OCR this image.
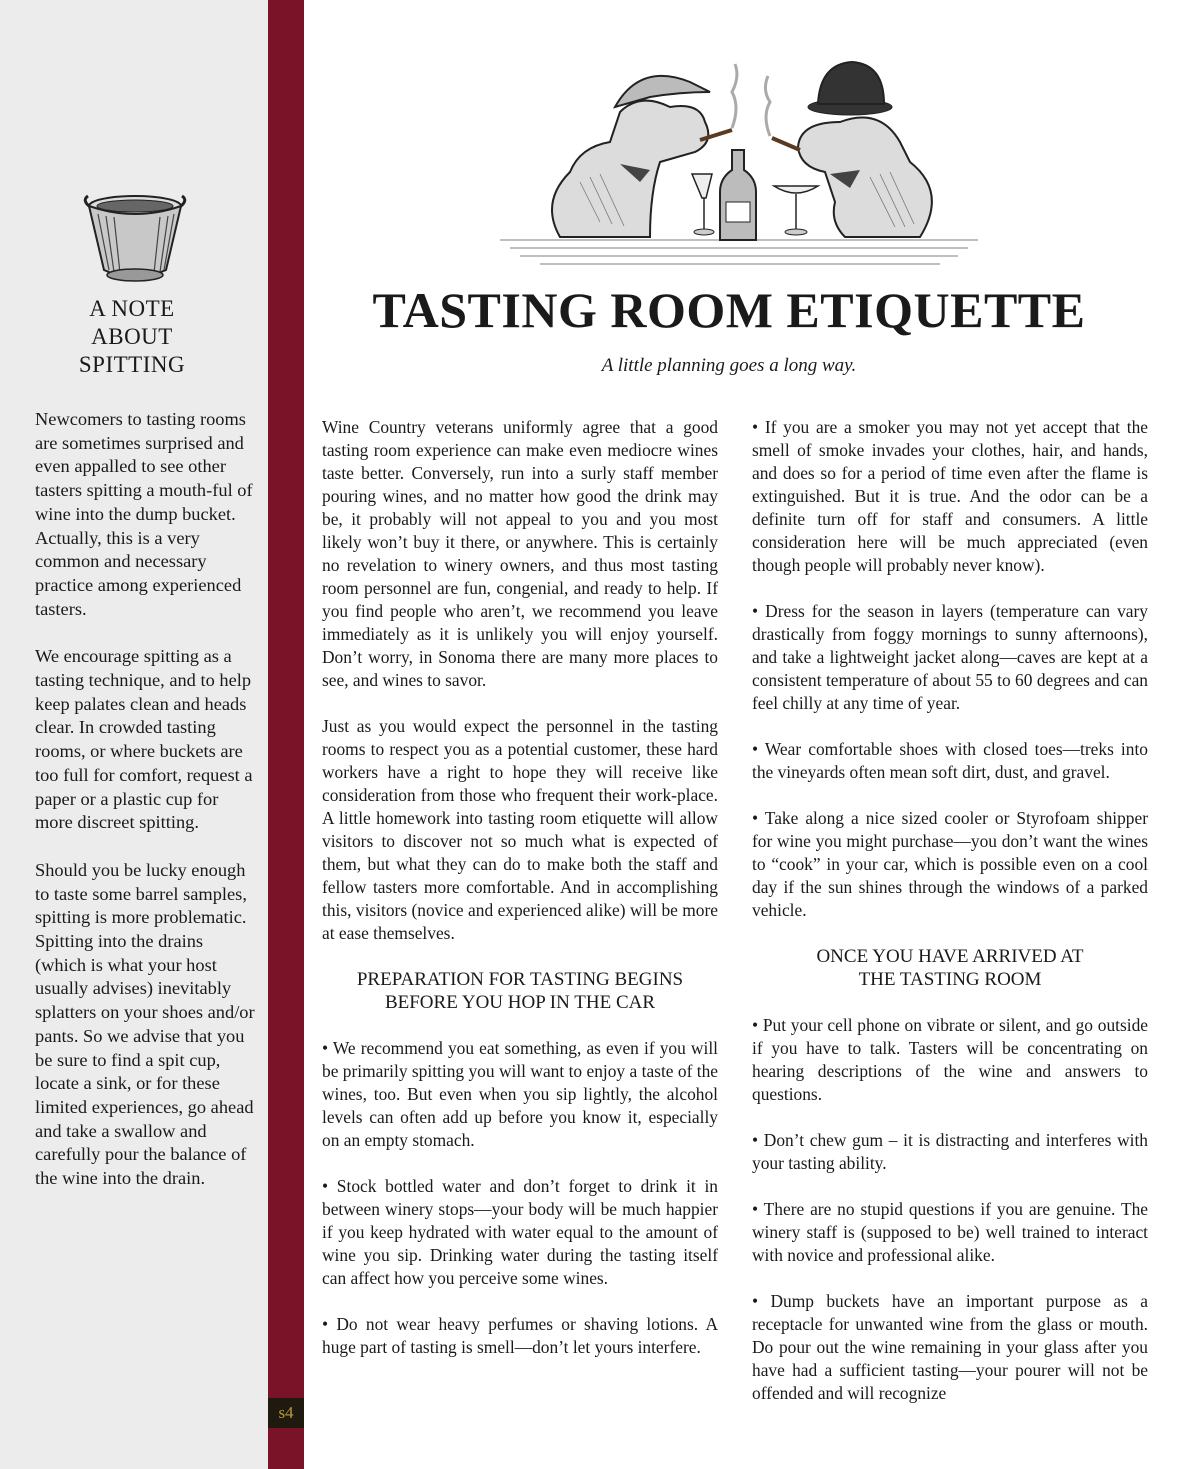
A NOTE
ABOUT
SPITTING

Newcomers to tasting rooms are sometimes surprised and even appalled to see other tasters spitting a mouth-ful of wine into the dump bucket. Actually, this is a very common and necessary practice among experienced tasters.

We encourage spitting as a tasting technique, and to help keep palates clean and heads clear. In crowded tasting rooms, or where buckets are too full for comfort, request a paper or a plastic cup for more discreet spitting.

Should you be lucky enough to taste some barrel samples, spitting is more problematic. Spitting into the drains (which is what your host usually advises) inevitably splatters on your shoes and/or pants. So we advise that you be sure to find a spit cup, locate a sink, or for these limited experiences, go ahead and take a swallow and carefully pour the balance of the wine into the drain.

s4
TASTING ROOM ETIQUETTE
A little planning goes a long way.

Wine Country veterans uniformly agree that a good tasting room experience can make even mediocre wines taste better. Conversely, run into a surly staff member pouring wines, and no matter how good the drink may be, it probably will not appeal to you and you most likely won’t buy it there, or anywhere. This is certainly no revelation to winery owners, and thus most tasting room personnel are fun, congenial, and ready to help. If you find people who aren’t, we recommend you leave immediately as it is unlikely you will enjoy yourself. Don’t worry, in Sonoma there are many more places to see, and wines to savor.

Just as you would expect the personnel in the tasting rooms to respect you as a potential customer, these hard workers have a right to hope they will receive like consideration from those who frequent their work-place. A little homework into tasting room etiquette will allow visitors to discover not so much what is expected of them, but what they can do to make both the staff and fellow tasters more comfortable. And in accomplishing this, visitors (novice and experienced alike) will be more at ease themselves.

PREPARATION FOR TASTING BEGINS
BEFORE YOU HOP IN THE CAR

• We recommend you eat something, as even if you will be primarily spitting you will want to enjoy a taste of the wines, too. But even when you sip lightly, the alcohol levels can often add up before you know it, especially on an empty stomach.

• Stock bottled water and don’t forget to drink it in between winery stops—your body will be much happier if you keep hydrated with water equal to the amount of wine you sip. Drinking water during the tasting itself can affect how you perceive some wines.

• Do not wear heavy perfumes or shaving lotions. A huge part of tasting is smell—don’t let yours interfere.

• If you are a smoker you may not yet accept that the smell of smoke invades your clothes, hair, and hands, and does so for a period of time even after the flame is extinguished. But it is true. And the odor can be a definite turn off for staff and consumers. A little consideration here will be much appreciated (even though people will probably never know).

• Dress for the season in layers (temperature can vary drastically from foggy mornings to sunny afternoons), and take a lightweight jacket along—caves are kept at a consistent temperature of about 55 to 60 degrees and can feel chilly at any time of year.

• Wear comfortable shoes with closed toes—treks into the vineyards often mean soft dirt, dust, and gravel.

• Take along a nice sized cooler or Styrofoam shipper for wine you might purchase—you don’t want the wines to “cook” in your car, which is possible even on a cool day if the sun shines through the windows of a parked vehicle.

ONCE YOU HAVE ARRIVED AT
THE TASTING ROOM

• Put your cell phone on vibrate or silent, and go outside if you have to talk. Tasters will be concentrating on hearing descriptions of the wine and answers to questions.

• Don’t chew gum – it is distracting and interferes with your tasting ability.

• There are no stupid questions if you are genuine. The winery staff is (supposed to be) well trained to interact with novice and professional alike.

• Dump buckets have an important purpose as a receptacle for unwanted wine from the glass or mouth. Do pour out the wine remaining in your glass after you have had a sufficient tasting—your pourer will not be offended and will recognize
